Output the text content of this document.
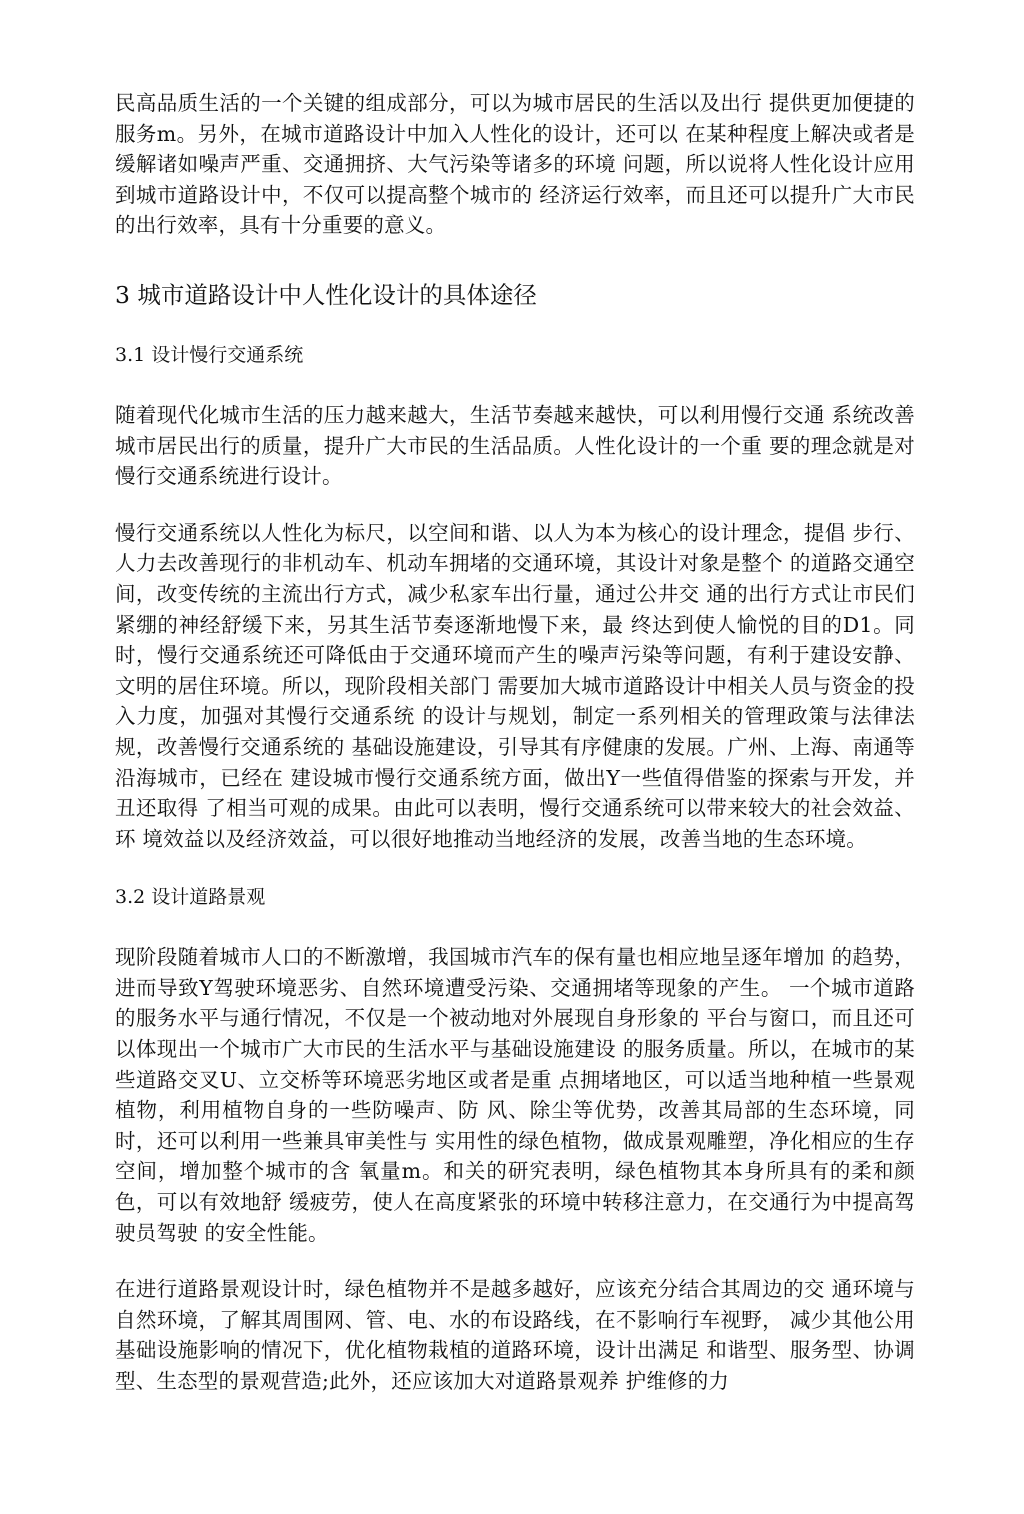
民高品质生活的一个关键的组成部分，可以为城市居民的生活以及出行 提供更加便捷的服务m。另外，在城市道路设计中加入人性化的设计，还可以 在某种程度上解决或者是缓解诸如噪声严重、交通拥挤、大气污染等诸多的环境 问题，所以说将人性化设计应用到城市道路设计中，不仅可以提高整个城市的 经济运行效率，而且还可以提升广大市民的出行效率，具有十分重要的意义。

3 城市道路设计中人性化设计的具体途径
3.1 设计慢行交通系统

随着现代化城市生活的压力越来越大，生活节奏越来越快，可以利用慢行交通 系统改善城市居民出行的质量，提升广大市民的生活品质。人性化设计的一个重 要的理念就是对慢行交通系统进行设计。

慢行交通系统以人性化为标尺，以空间和谐、以人为本为核心的设计理念，提倡 步行、人力去改善现行的非机动车、机动车拥堵的交通环境，其设计对象是整个 的道路交通空间，改变传统的主流出行方式，减少私家车出行量，通过公井交 通的出行方式让市民们紧绷的神经舒缓下来，另其生活节奏逐渐地慢下来，最 终达到使人愉悦的目的D1。同时，慢行交通系统还可降低由于交通环境而产生的噪声污染等问题，有利于建设安静、文明的居住环境。所以，现阶段相关部门 需要加大城市道路设计中相关人员与资金的投入力度，加强对其慢行交通系统 的设计与规划，制定一系列相关的管理政策与法律法规，改善慢行交通系统的 基础设施建设，引导其有序健康的发展。广州、上海、南通等沿海城市，已经在 建设城市慢行交通系统方面，做出Y一些值得借鉴的探索与开发，并丑还取得 了相当可观的成果。由此可以表明，慢行交通系统可以带来较大的社会效益、环 境效益以及经济效益，可以很好地推动当地经济的发展，改善当地的生态环境。

3.2 设计道路景观

现阶段随着城市人口的不断激增，我国城市汽车的保有量也相应地呈逐年增加 的趋势，进而导致Y驾驶环境恶劣、自然环境遭受污染、交通拥堵等现象的产生。 一个城市道路的服务水平与通行情况，不仅是一个被动地对外展现自身形象的 平台与窗口，而且还可以体现出一个城市广大市民的生活水平与基础设施建设 的服务质量。所以，在城市的某些道路交叉U、立交桥等环境恶劣地区或者是重 点拥堵地区，可以适当地种植一些景观植物，利用植物自身的一些防噪声、防 风、除尘等优势，改善其局部的生态环境，同时，还可以利用一些兼具审美性与 实用性的绿色植物，做成景观雕塑，净化相应的生存空间，增加整个城市的含 氧量m。和关的研究表明，绿色植物其本身所具有的柔和颜色，可以有效地舒 缓疲劳，使人在高度紧张的环境中转移注意力，在交通行为中提高驾驶员驾驶 的安全性能。

在进行道路景观设计时，绿色植物并不是越多越好，应该充分结合其周边的交 通环境与自然环境，了解其周围网、管、电、水的布设路线，在不影响行车视野， 减少其他公用基础设施影响的情况下，优化植物栽植的道路环境，设计出满足 和谐型、服务型、协调型、生态型的景观营造;此外，还应该加大对道路景观养 护维修的力
